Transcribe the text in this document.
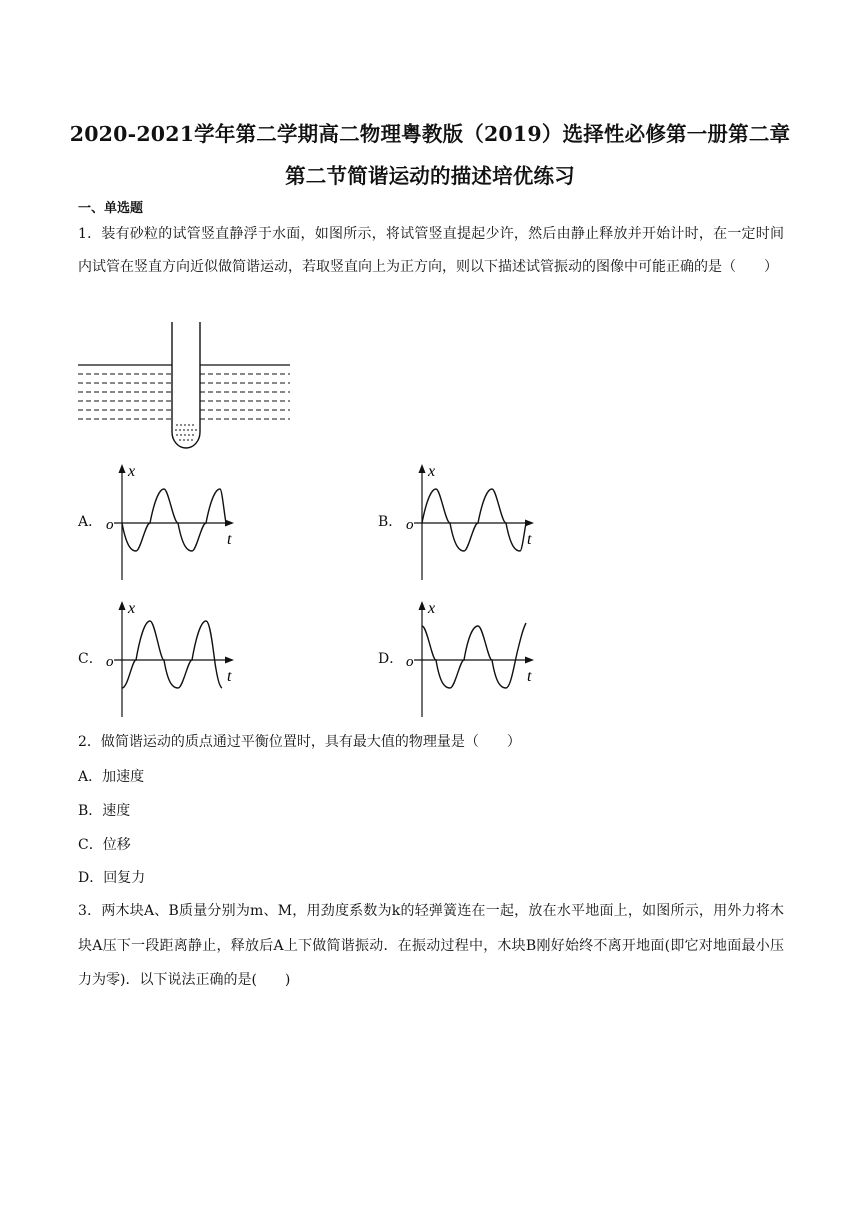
2020-2021学年第二学期高二物理粤教版（2019）选择性必修第一册第二章
第二节简谐运动的描述培优练习
一、单选题
1．装有砂粒的试管竖直静浮于水面，如图所示，将试管竖直提起少许，然后由静止释放并开始计时，在一定时间内试管在竖直方向近似做简谐运动，若取竖直向上为正方向，则以下描述试管振动的图像中可能正确的是（　　）
A．
x
o
t
B．
x
o
t
C．
x
o
t
D．
x
o
t
2．做简谐运动的质点通过平衡位置时，具有最大值的物理量是（　　）
A．加速度
B．速度
C．位移
D．回复力
3．两木块A、B质量分别为m、M，用劲度系数为k的轻弹簧连在一起，放在水平地面上，如图所示，用外力将木块A压下一段距离静止，释放后A上下做简谐振动．在振动过程中，木块B刚好始终不离开地面(即它对地面最小压力为零)．以下说法正确的是(　　)
